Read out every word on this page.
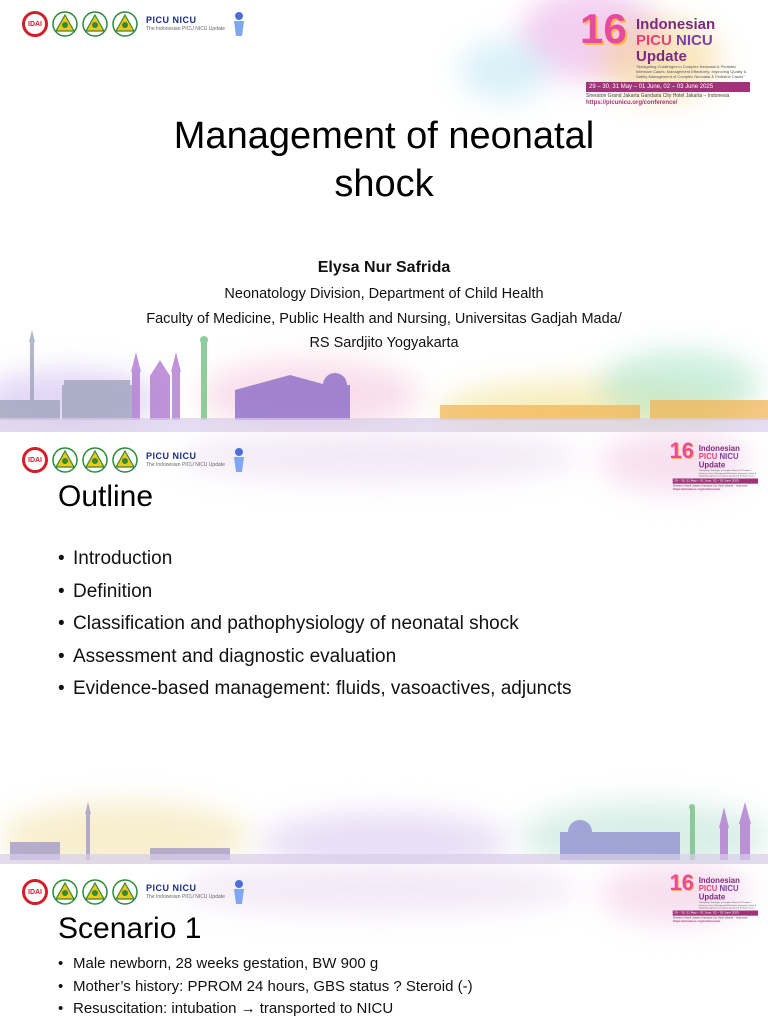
IDAI	PICU NICU
The Indonesian PICU NICU Update	16 Indonesian
PICU NICU
Update
"Navigating Challenges in Complex Neonatal & Pediatric Intensive Cases: Management Effectively; Improving Quality & Safety Management of Complex Neonatal & Pediatric Cases"
29 – 30, 31 May – 01 June, 02 – 03 June 2025
Sheraton Grand Jakarta Gandaria City Hotel Jakarta – Indonesia
https://picunicu.org/conference/
Management of neonatal
shock
Elysa Nur Safrida
Neonatology Division, Department of Child Health
Faculty of Medicine, Public Health and Nursing, Universitas Gadjah Mada/
RS Sardjito Yogyakarta
IDAI	PICU NICU
The Indonesian PICU NICU Update
16 Indonesian
PICU NICU
Update
"Navigating Challenges in Complex Neonatal & Pediatric Intensive Cases: Management Effectively; Improving Quality & Safety Management of Complex Neonatal & Pediatric Cases"
29 – 30, 31 May – 01 June, 02 – 03 June 2025
Sheraton Grand Jakarta Gandaria City Hotel Jakarta – Indonesia
https://picunicu.org/conference/
Outline
• Introduction
• Definition
• Classification and pathophysiology of neonatal shock
• Assessment and diagnostic evaluation
• Evidence-based management: fluids, vasoactives, adjuncts
IDAI	PICU NICU
The Indonesian PICU NICU Update
16 Indonesian
PICU NICU
Update
"Navigating Challenges in Complex Neonatal & Pediatric Intensive Cases: Management Effectively; Improving Quality & Safety Management of Complex Neonatal & Pediatric Cases"
29 – 30, 31 May – 01 June, 02 – 03 June 2025
Sheraton Grand Jakarta Gandaria City Hotel Jakarta – Indonesia
https://picunicu.org/conference/
Scenario 1
• Male newborn, 28 weeks gestation, BW 900 g
• Mother’s history: PPROM 24 hours, GBS status ? Steroid (-)
• Resuscitation: intubation → transported to NICU
